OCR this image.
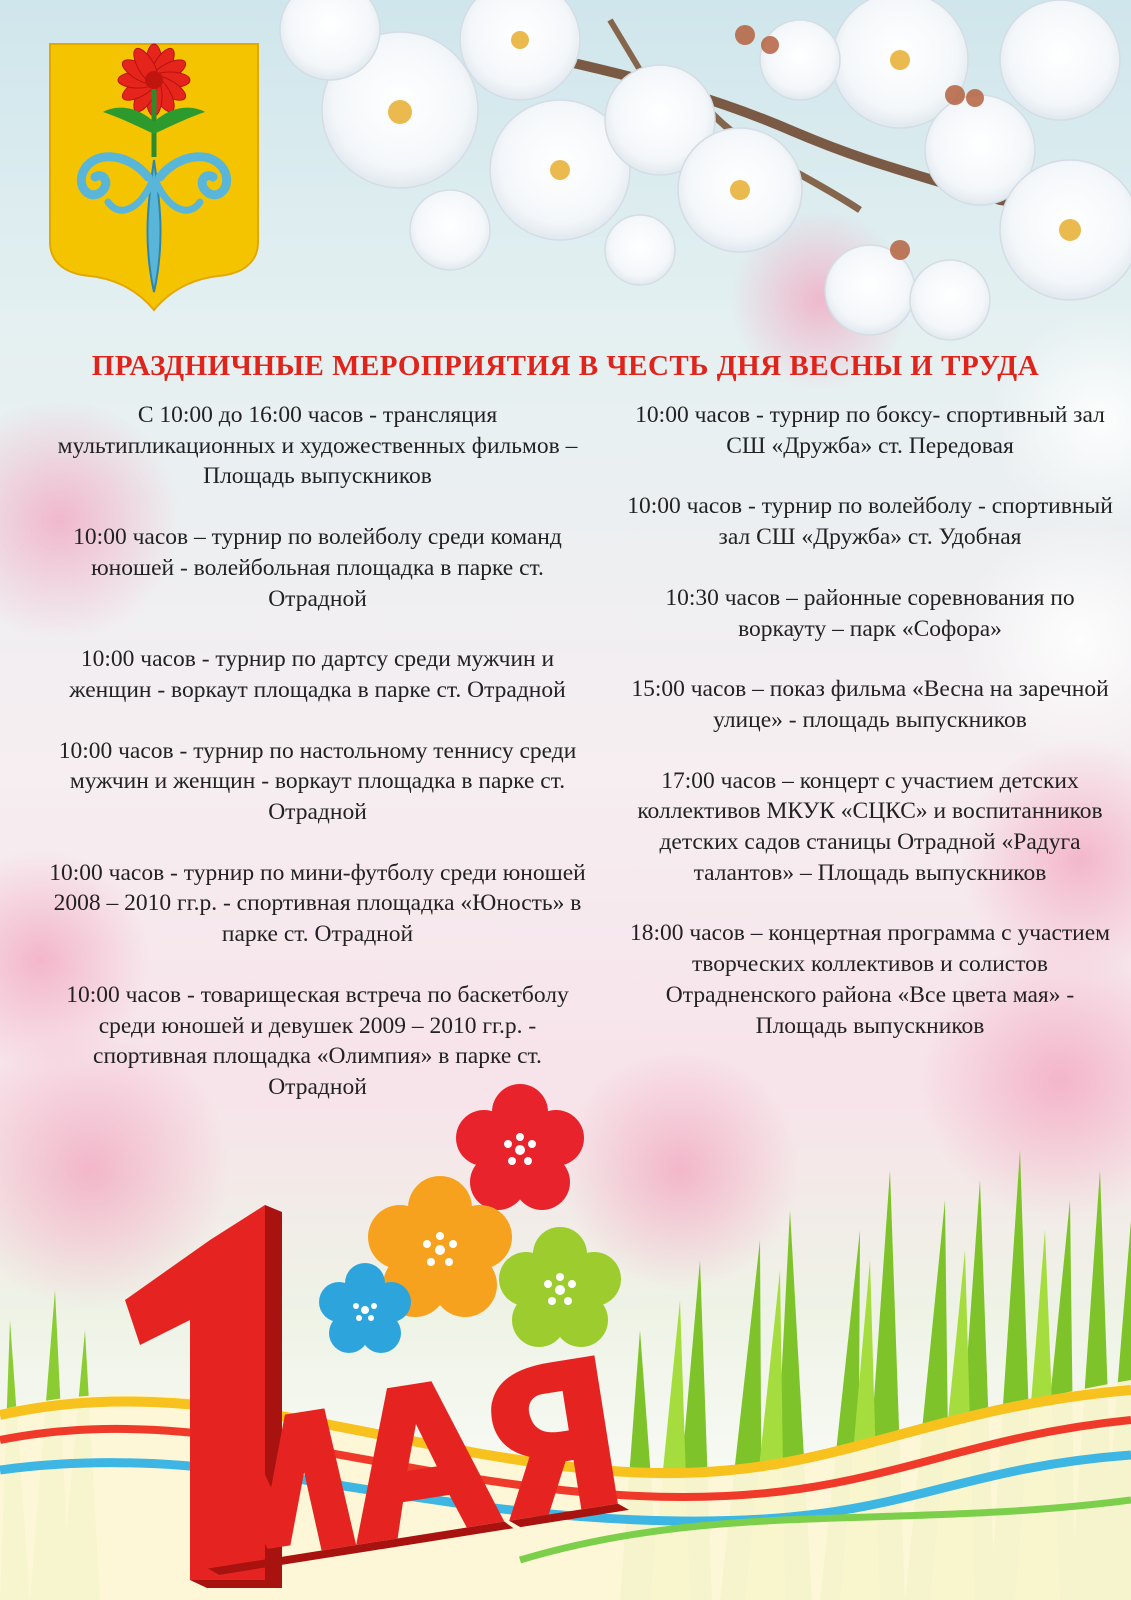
ПРАЗДНИЧНЫЕ МЕРОПРИЯТИЯ В ЧЕСТЬ ДНЯ ВЕСНЫ И ТРУДА

С 10:00 до 16:00 часов - трансляция мультипликационных и художественных фильмов – Площадь выпускников

10:00 часов – турнир по волейболу среди команд юношей - волейбольная площадка в парке ст. Отрадной

10:00 часов - турнир по дартсу среди мужчин и женщин - воркаут площадка в парке ст. Отрадной

10:00 часов - турнир по настольному теннису среди мужчин и женщин - воркаут площадка в парке ст. Отрадной

10:00 часов - турнир по мини-футболу среди юношей 2008 – 2010 гг.р. - спортивная площадка «Юность» в парке ст. Отрадной

10:00 часов - товарищеская встреча по баскетболу среди юношей и девушек 2009 – 2010 гг.р. - спортивная площадка «Олимпия» в парке ст. Отрадной

10:00 часов - турнир по боксу- спортивный зал СШ «Дружба» ст. Передовая

10:00 часов - турнир по волейболу - спортивный зал СШ «Дружба» ст. Удобная

10:30 часов – районные соревнования по воркауту – парк «Софора»

15:00 часов – показ фильма «Весна на заречной улице» - площадь выпускников

17:00 часов – концерт с участием детских коллективов МКУК «СЦКС» и воспитанников детских садов станицы Отрадной «Радуга талантов» – Площадь выпускников

18:00 часов – концертная программа с участием творческих коллективов и солистов Отрадненского района «Все цвета мая» - Площадь выпускников
